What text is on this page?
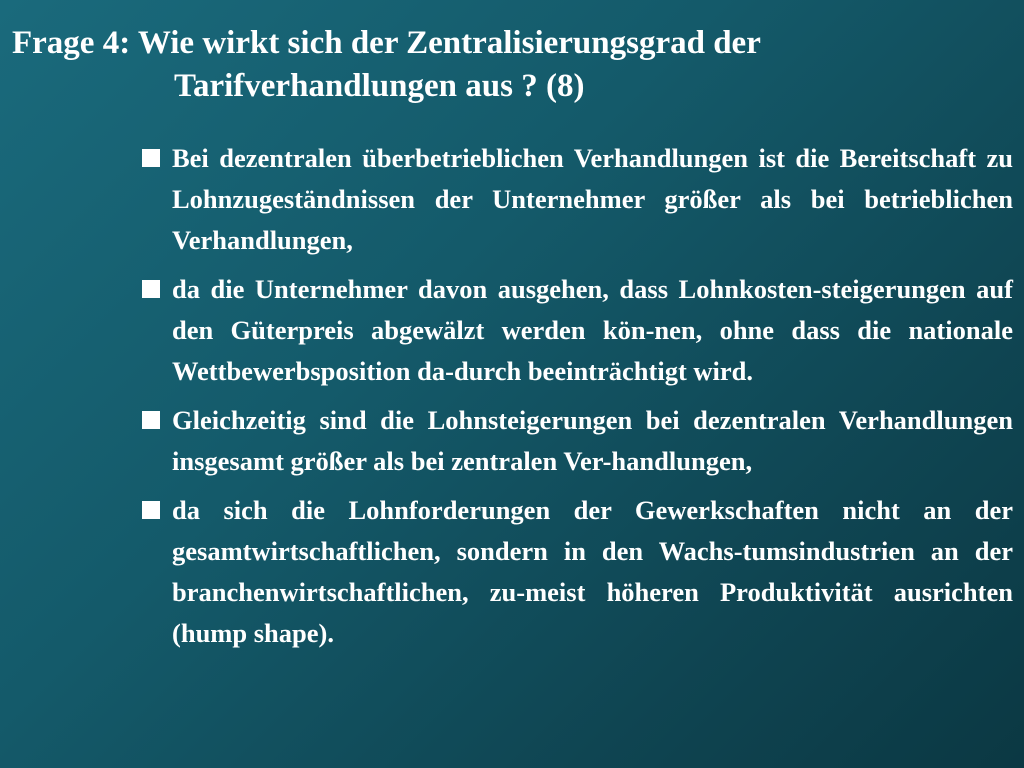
Frage 4: Wie wirkt sich der Zentralisierungsgrad der
Tarifverhandlungen aus ? (8)
Bei dezentralen überbetrieblichen Verhandlungen ist die Bereitschaft zu Lohnzugeständnissen der Unternehmer größer als bei betrieblichen Verhandlungen,
da die Unternehmer davon ausgehen, dass Lohnkosten-steigerungen auf den Güterpreis abgewälzt werden kön-nen, ohne dass die nationale Wettbewerbsposition da-durch beeinträchtigt wird.
Gleichzeitig sind die Lohnsteigerungen bei dezentralen Verhandlungen insgesamt größer als bei zentralen Ver-handlungen,
da sich die Lohnforderungen der Gewerkschaften nicht an der gesamtwirtschaftlichen, sondern in den Wachs-tumsindustrien an der branchenwirtschaftlichen, zu-meist höheren Produktivität ausrichten (hump shape).
